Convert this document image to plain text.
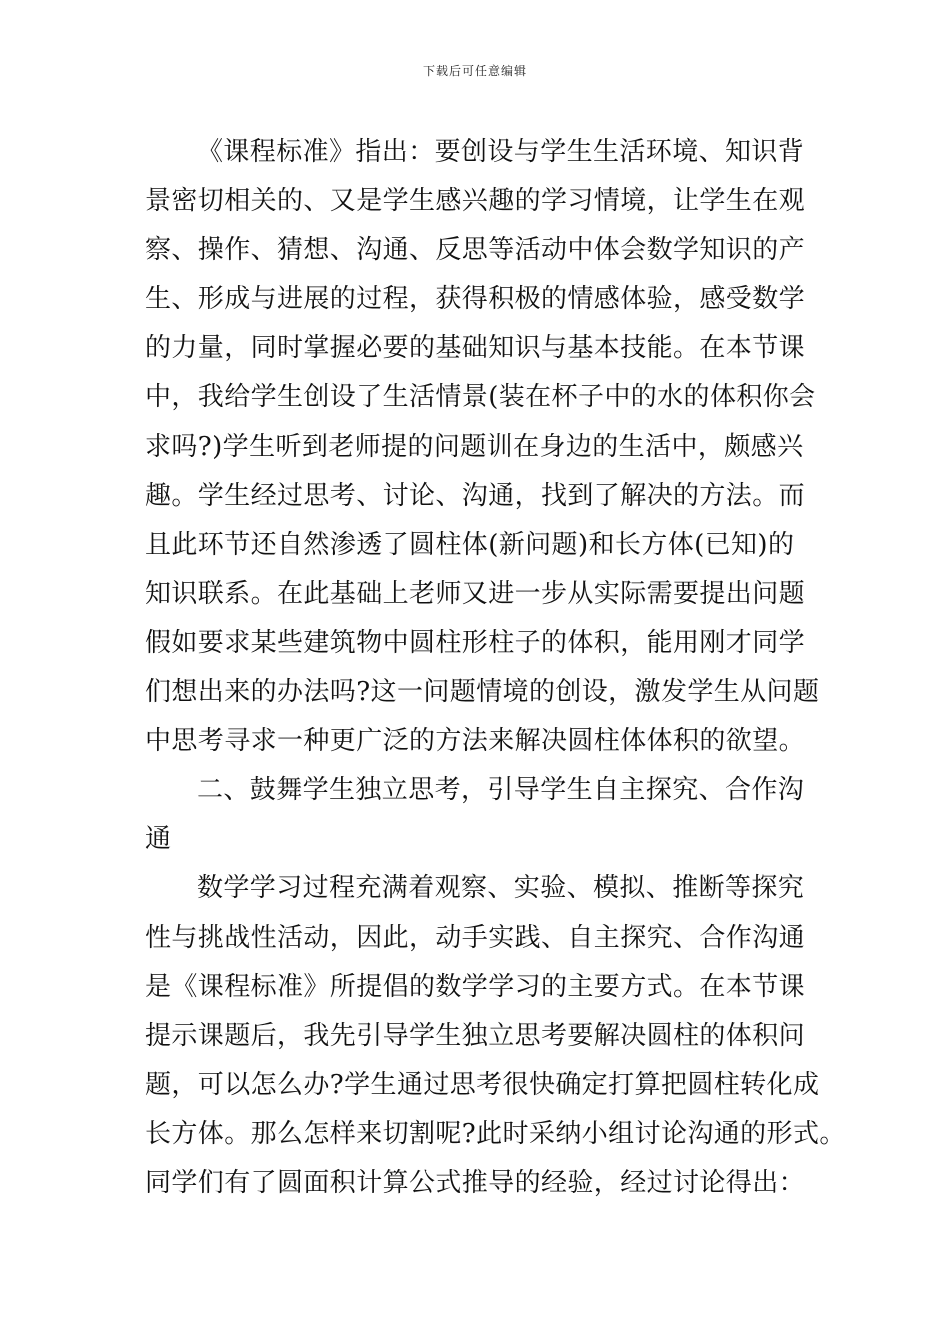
下载后可任意编辑
《课程标准》指出：要创设与学生生活环境、知识背
景密切相关的、又是学生感兴趣的学习情境，让学生在观
察、操作、猜想、沟通、反思等活动中体会数学知识的产
生、形成与进展的过程，获得积极的情感体验，感受数学
的力量，同时掌握必要的基础知识与基本技能。在本节课
中，我给学生创设了生活情景(装在杯子中的水的体积你会
求吗?)学生听到老师提的问题训在身边的生活中，颇感兴
趣。学生经过思考、讨论、沟通，找到了解决的方法。而
且此环节还自然渗透了圆柱体(新问题)和长方体(已知)的
知识联系。在此基础上老师又进一步从实际需要提出问题
假如要求某些建筑物中圆柱形柱子的体积，能用刚才同学
们想出来的办法吗?这一问题情境的创设，激发学生从问题
中思考寻求一种更广泛的方法来解决圆柱体体积的欲望。
二、鼓舞学生独立思考，引导学生自主探究、合作沟
通
数学学习过程充满着观察、实验、模拟、推断等探究
性与挑战性活动，因此，动手实践、自主探究、合作沟通
是《课程标准》所提倡的数学学习的主要方式。在本节课
提示课题后，我先引导学生独立思考要解决圆柱的体积问
题，可以怎么办?学生通过思考很快确定打算把圆柱转化成
长方体。那么怎样来切割呢?此时采纳小组讨论沟通的形式。
同学们有了圆面积计算公式推导的经验，经过讨论得出：
